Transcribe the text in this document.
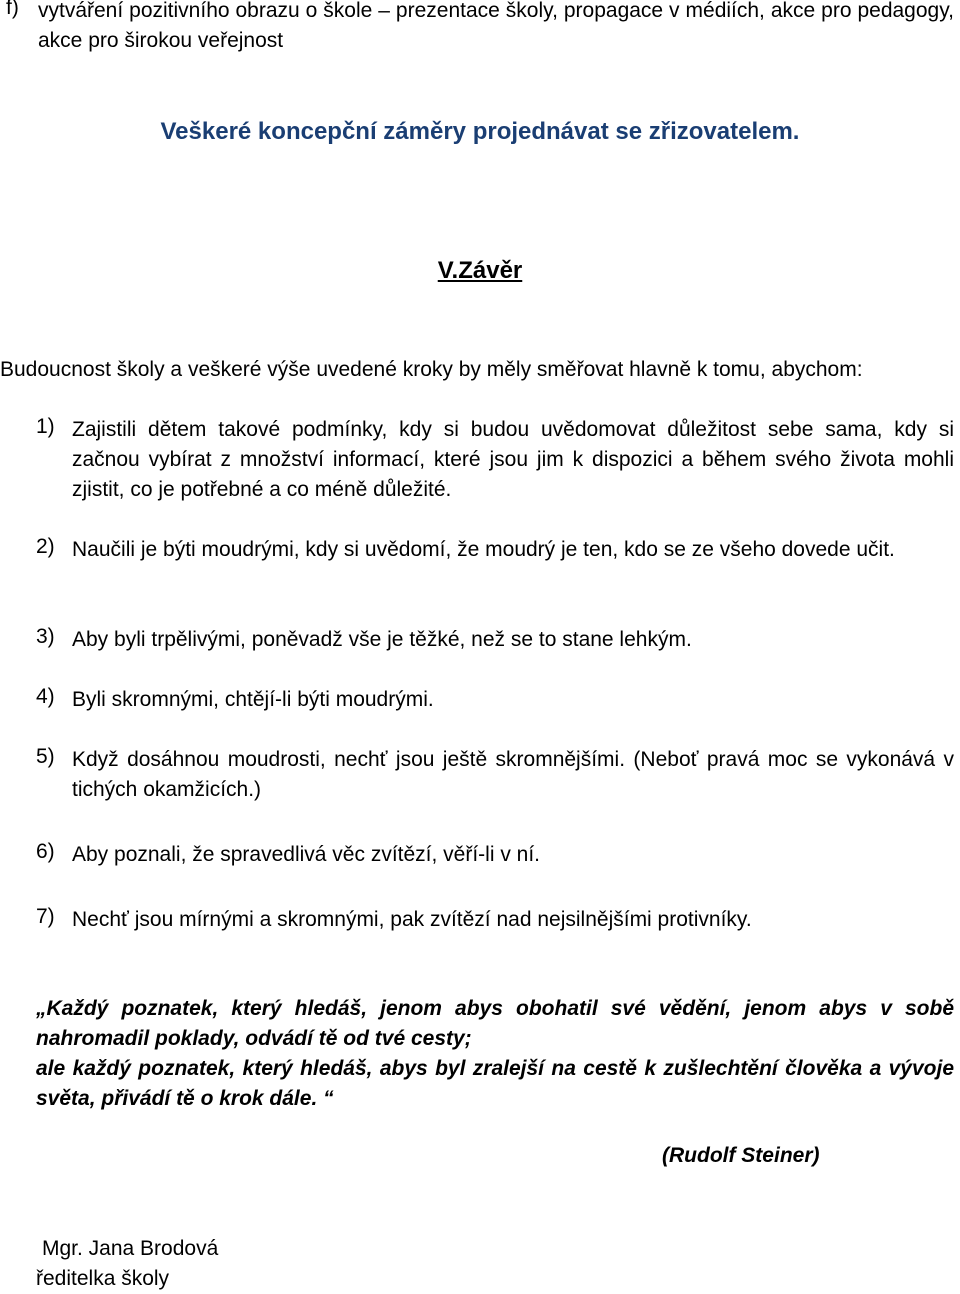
f) vytváření pozitivního obrazu o škole – prezentace školy, propagace v médiích, akce pro pedagogy, akce pro širokou veřejnost
Veškeré koncepční záměry projednávat se zřizovatelem.
V.Závěr
Budoucnost školy a veškeré výše uvedené kroky by měly směřovat hlavně k tomu, abychom:
1) Zajistili dětem takové podmínky, kdy si budou uvědomovat důležitost sebe sama, kdy si začnou vybírat z množství informací, které jsou jim k dispozici a během svého života mohli zjistit, co je potřebné a co méně důležité.
2) Naučili je býti moudrými, kdy si uvědomí, že moudrý je ten, kdo se ze všeho dovede učit.
3) Aby byli trpělivými, poněvadž vše je těžké, než se to stane lehkým.
4) Byli skromnými, chtějí-li býti moudrými.
5) Když dosáhnou moudrosti, nechť jsou ještě skromnějšími. (Neboť pravá moc se vykonává v tichých okamžicích.)
6) Aby poznali, že spravedlivá věc zvítězí, věří-li v ní.
7) Nechť jsou mírnými a skromnými, pak zvítězí nad nejsilnějšími protivníky.

„Každý poznatek, který hledáš, jenom abys obohatil své vědění, jenom abys v sobě nahromadil poklady, odvádí tě od tvé cesty;

ale každý poznatek, který hledáš, abys byl zralejší na cestě k zušlechtění člověka a vývoje světa, přivádí tě o krok dále. “

(Rudolf Steiner)
Mgr. Jana Brodová
ředitelka školy
